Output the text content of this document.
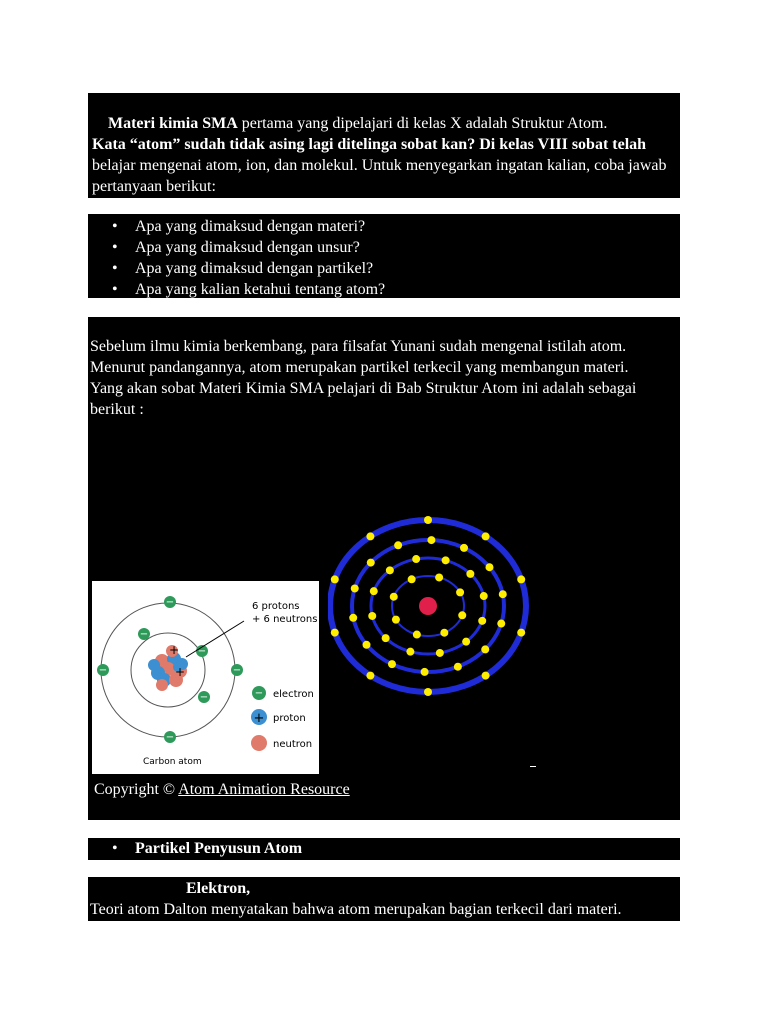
Materi kimia SMA pertama yang dipelajari di kelas X adalah Struktur Atom.
Kata “atom” sudah tidak asing lagi ditelinga sobat kan? Di kelas VIII sobat telah
belajar mengenai atom, ion, dan molekul. Untuk menyegarkan ingatan kalian, coba jawab pertanyaan berikut:
• Apa yang dimaksud dengan materi?
• Apa yang dimaksud dengan unsur?
• Apa yang dimaksud dengan partikel?
• Apa yang kalian ketahui tentang atom?

Sebelum ilmu kimia berkembang, para filsafat Yunani sudah mengenal istilah atom. Menurut pandangannya, atom merupakan partikel terkecil yang membangun materi.

Yang akan sobat Materi Kimia SMA pelajari di Bab Struktur Atom ini adalah sebagai berikut :

+
+
−
−
−
−	−
−
−
6 protons
+ 6 neutrons
− electron
+ proton
neutron
Carbon atom
Copyright © Atom Animation Resource
• Partikel Penyusun Atom
Elektron,
Teori atom Dalton menyatakan bahwa atom merupakan bagian terkecil dari materi.
